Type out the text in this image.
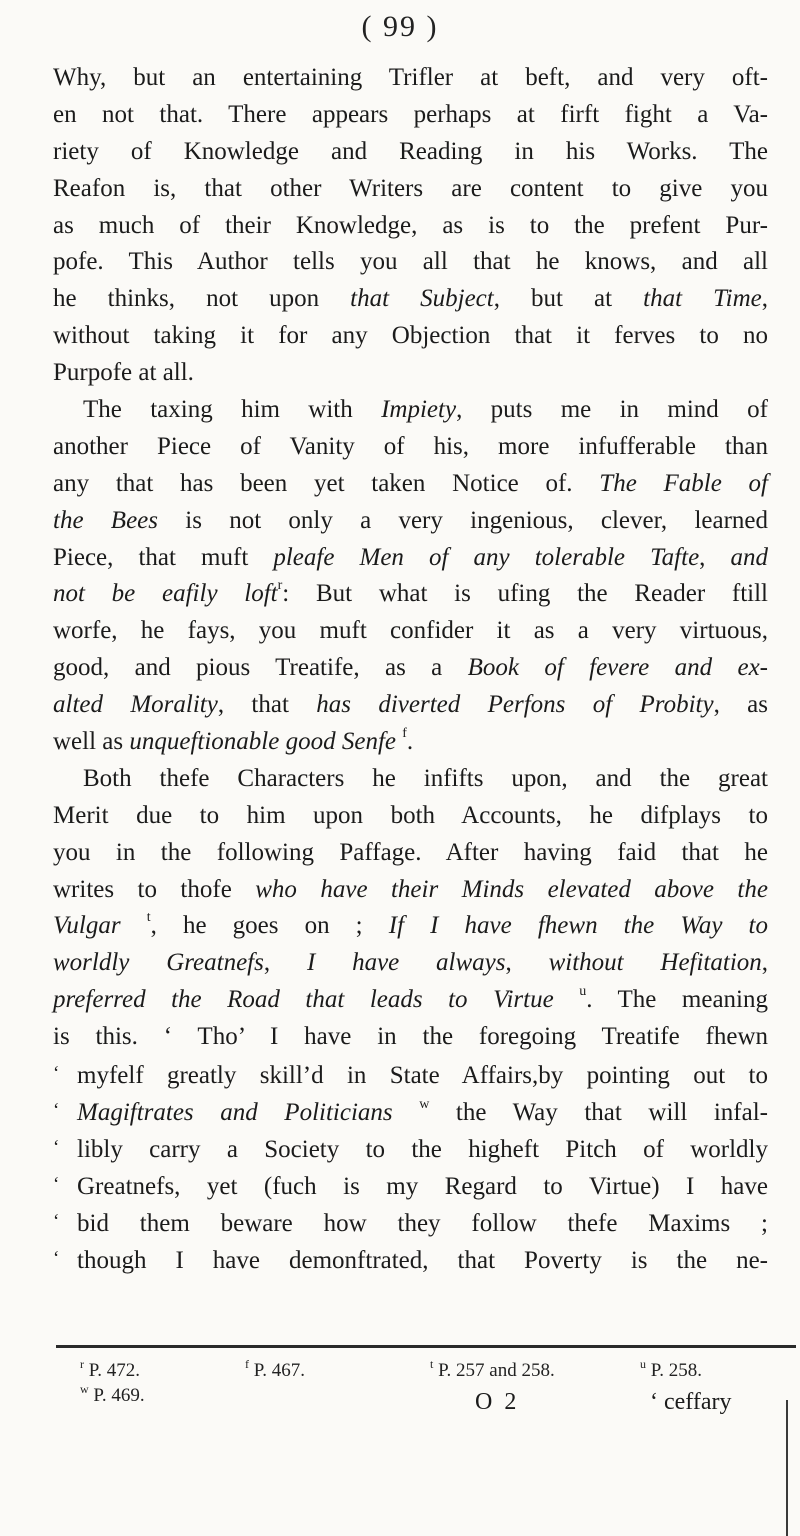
( 99 )
Why, but an entertaining Trifler at beft, and very oft-
en not that. There appears perhaps at firft fight a Va-
riety of Knowledge and Reading in his Works. The
Reafon is, that other Writers are content to give you
as much of their Knowledge, as is to the prefent Pur-
pofe. This Author tells you all that he knows, and all
he thinks, not upon that Subject, but at that Time,
without taking it for any Objection that it ferves to no
Purpofe at all.
The taxing him with Impiety, puts me in mind of
another Piece of Vanity of his, more infufferable than
any that has been yet taken Notice of. The Fable of
the Bees is not only a very ingenious, clever, learned
Piece, that muft pleafe Men of any tolerable Tafte, and
not be eafily loft$^r$: But what is ufing the Reader ftill
worfe, he fays, you muft confider it as a very virtuous,
good, and pious Treatife, as a Book of fevere and ex-
alted Morality, that has diverted Perfons of Probity, as
well as unqueftionable good Senfe $^f$.
Both thefe Characters he infifts upon, and the great
Merit due to him upon both Accounts, he difplays to
you in the following Paffage. After having faid that he
writes to thofe who have their Minds elevated above the
Vulgar $^t$, he goes on ; If I have fhewn the Way to
worldly Greatnefs, I have always, without Hefitation,
preferred the Road that leads to Virtue $^u$. The meaning
is this. ‘ Tho’ I have in the foregoing Treatife fhewn
‘ myfelf greatly skill’d in State Affairs,by pointing out to
‘ Magiftrates and Politicians $^w$ the Way that will infal-
‘ libly carry a Society to the higheft Pitch of worldly
‘ Greatnefs, yet (fuch is my Regard to Virtue) I have
‘ bid them beware how they follow thefe Maxims ;
‘ though I have demonftrated, that Poverty is the ne-
$^r$ P. 472.
$^w$ P. 469.
$^f$ P. 467.	$^t$ P. 257 and 258.	$^u$ P. 258.
O 2	‘ ceffary
